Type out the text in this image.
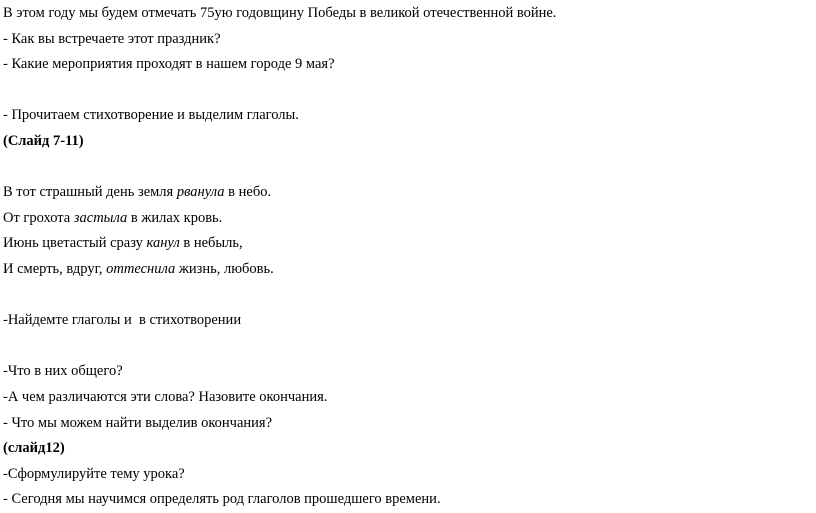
В этом году мы будем отмечать 75ую годовщину Победы в великой отечественной войне.

- Как вы встречаете этот праздник?

- Какие мероприятия проходят в нашем городе 9 мая?

- Прочитаем стихотворение и выделим глаголы.

(Слайд 7-11)

В тот страшный день земля рванула в небо.

От грохота застыла в жилах кровь.

Июнь цветастый сразу канул в небыль,

И смерть, вдруг, оттеснила жизнь, любовь.

-Найдемте глаголы и  в стихотворении

-Что в них общего?

-А чем различаются эти слова? Назовите окончания.

- Что мы можем найти выделив окончания?

(слайд12)

-Сформулируйте тему урока?

- Сегодня мы научимся определять род глаголов прошедшего времени.
